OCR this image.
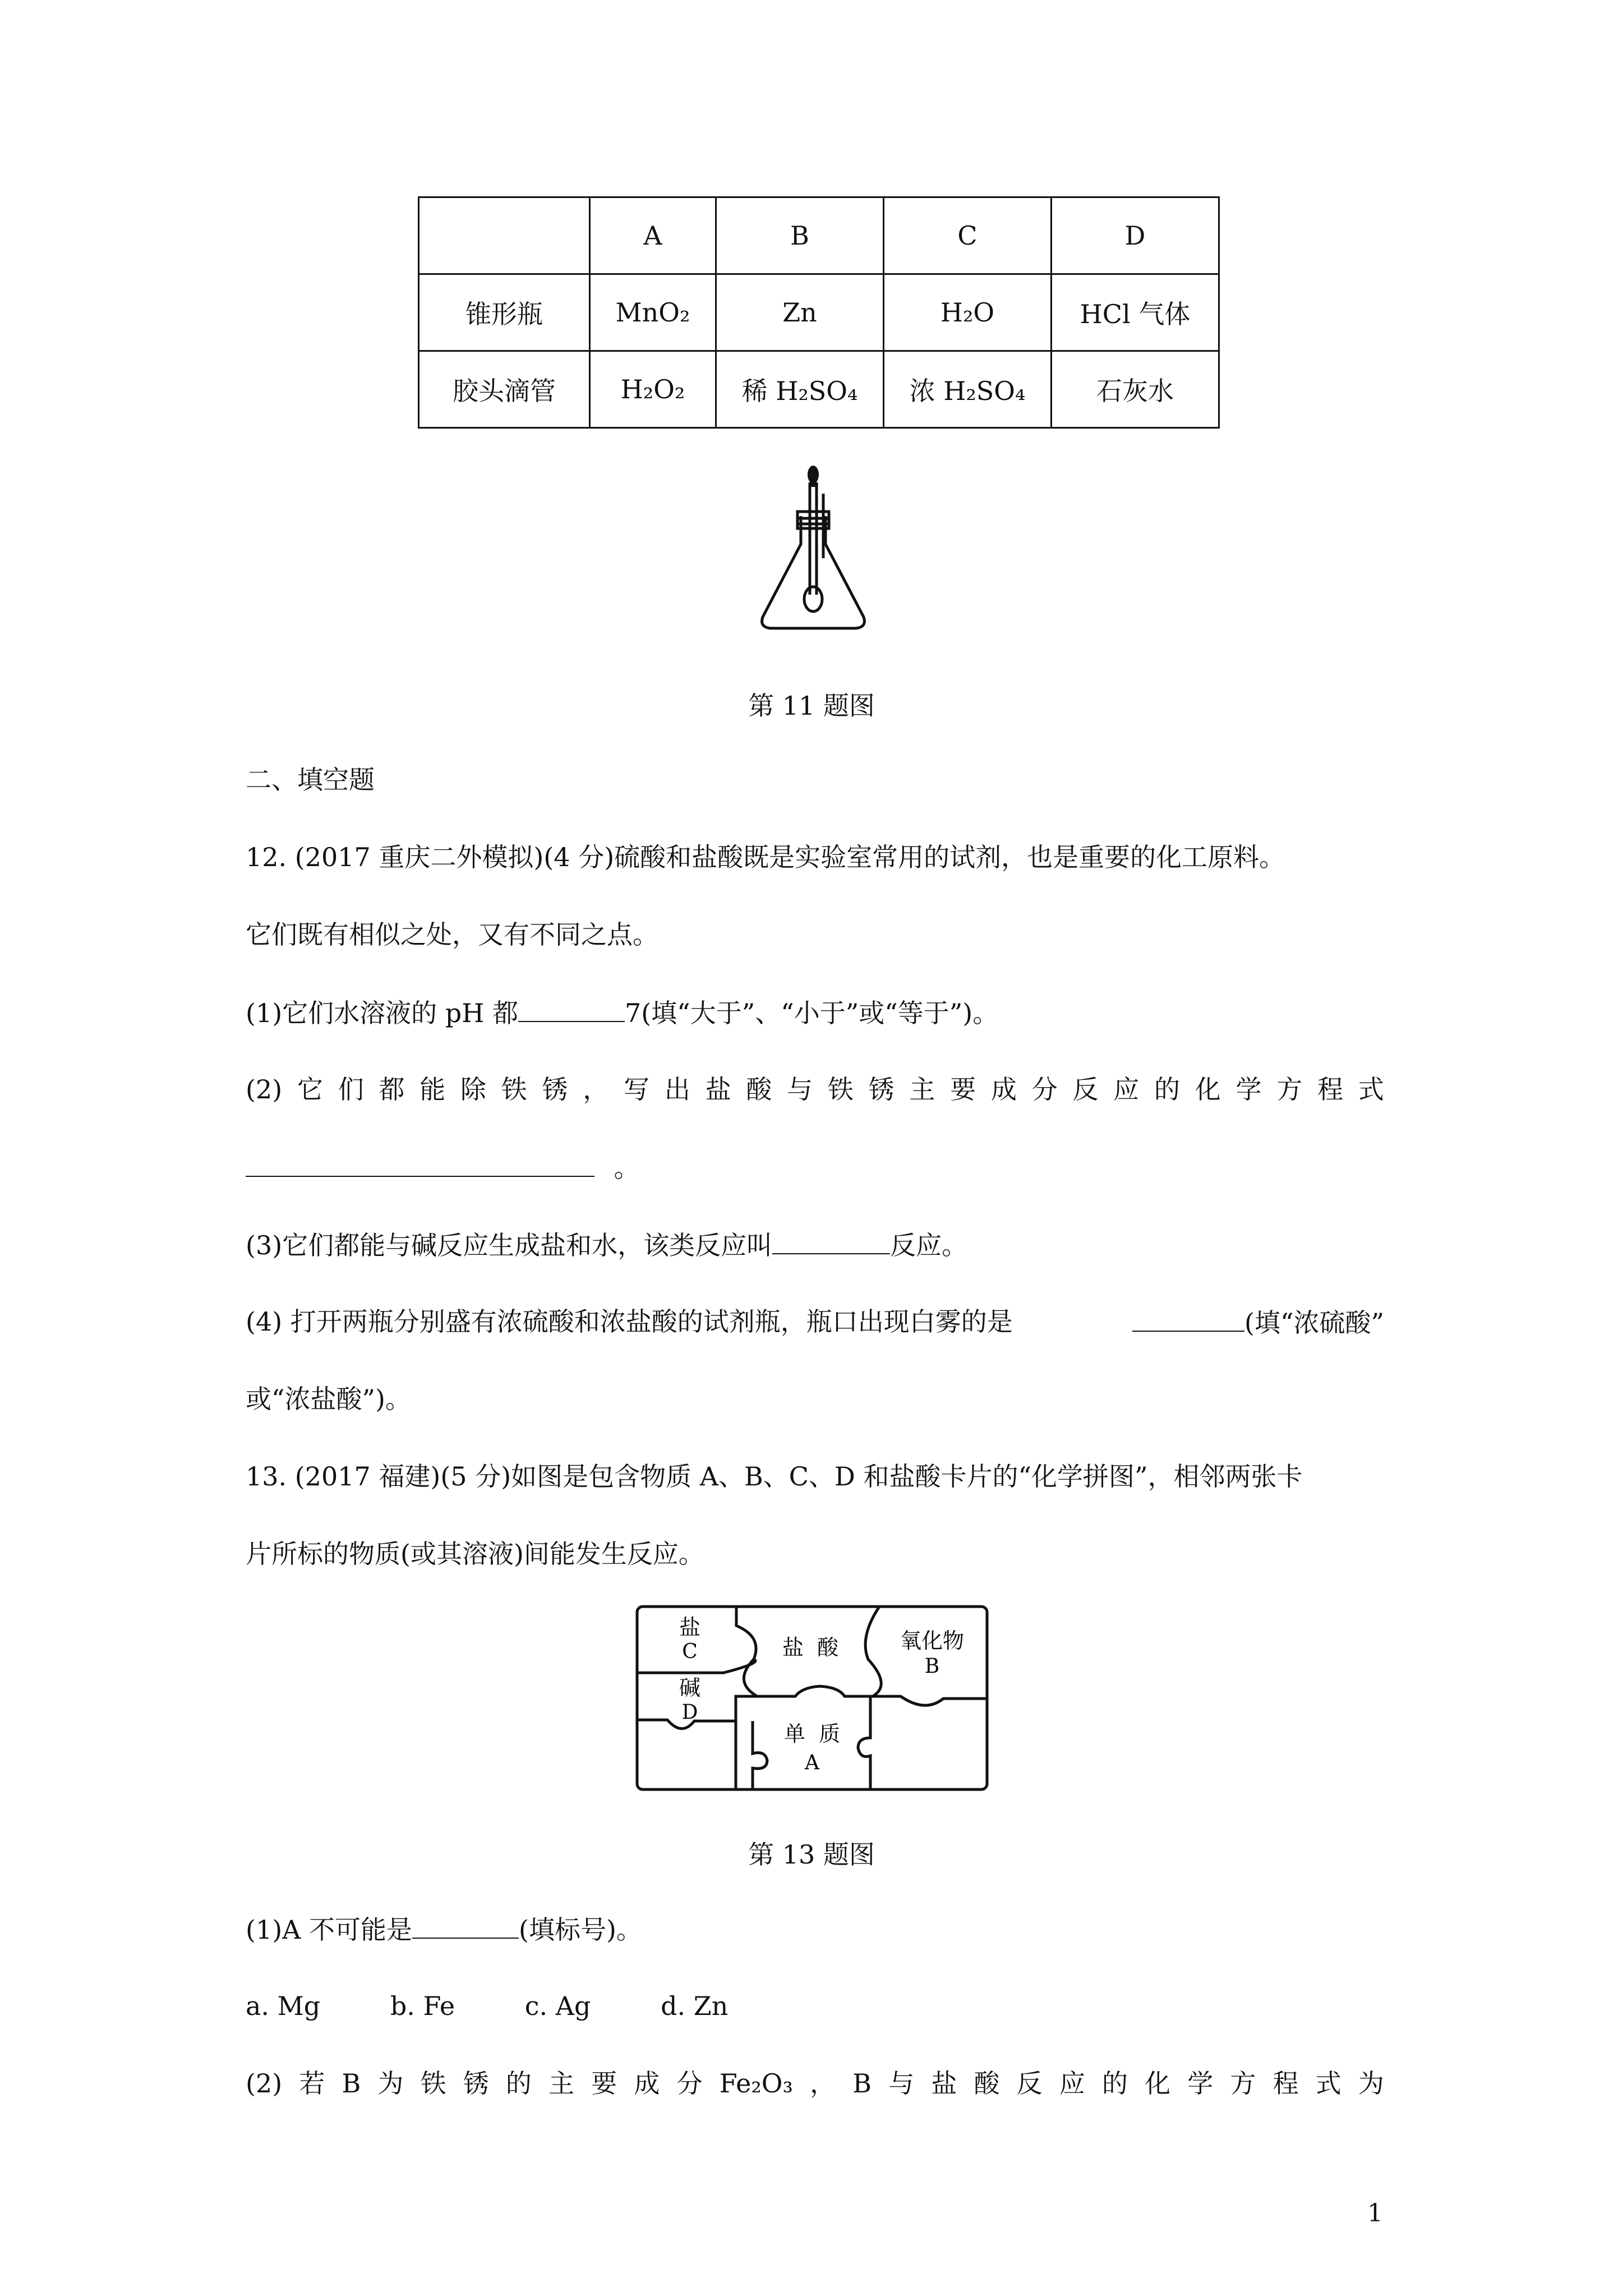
	A	B	C	D
锥形瓶	MnO₂	Zn	H₂O	HCl 气体
胶头滴管	H₂O₂	稀 H₂SO₄	浓 H₂SO₄	石灰水
第 11 题图
二、填空题
12. (2017 重庆二外模拟)(4 分)硫酸和盐酸既是实验室常用的试剂，也是重要的化工原料。
它们既有相似之处，又有不同之点。
(1)它们水溶液的 pH 都	7(填“大于”、“小于”或“等于”)。
(2) 它 们 都 能 除 铁 锈 ， 写 出 盐 酸 与 铁 锈 主 要 成 分 反 应 的 化 学 方 程 式
。
(3)它们都能与碱反应生成盐和水，该类反应叫	反应。
(4) 打开两瓶分别盛有浓硫酸和浓盐酸的试剂瓶，瓶口出现白雾的是	(填“浓硫酸”
或“浓盐酸”)。
13. (2017 福建)(5 分)如图是包含物质 A、B、C、D 和盐酸卡片的“化学拼图”，相邻两张卡
片所标的物质(或其溶液)间能发生反应。
盐
C
碱
D
盐  酸	氧化物
B
单  质
A
第 13 题图
(1)A 不可能是	(填标号)。
a. Mg	b. Fe	c. Ag	d. Zn
(2) 若 B 为 铁 锈 的 主 要 成 分 Fe₂O₃ ， B 与 盐 酸 反 应 的 化 学 方 程 式 为
1
